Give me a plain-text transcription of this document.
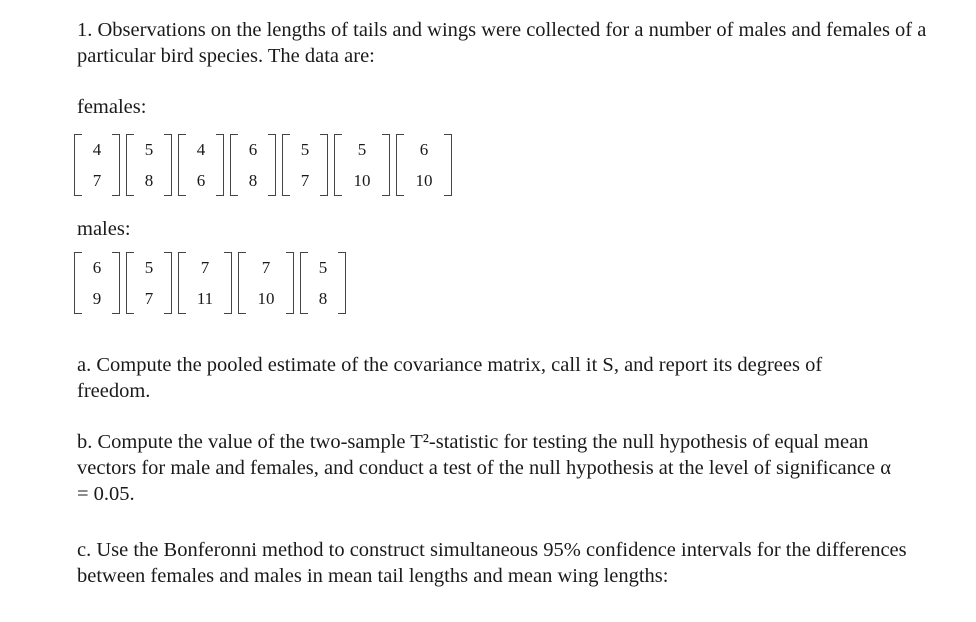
1. Observations on the lengths of tails and wings were collected for a number of males and females of a particular bird species. The data are:

females:

4
7
5
8
4
6
6
8
5
7
5
10
6
10

males:

6
9
5
7
7
11
7
10
5
8

a. Compute the pooled estimate of the covariance matrix, call it S, and report its degrees of freedom.

b. Compute the value of the two-sample T²-statistic for testing the null hypothesis of equal mean vectors for male and females, and conduct a test of the null hypothesis at the level of significance α = 0.05.

c. Use the Bonferonni method to construct simultaneous 95% confidence intervals for the differences between females and males in mean tail lengths and mean wing lengths:
